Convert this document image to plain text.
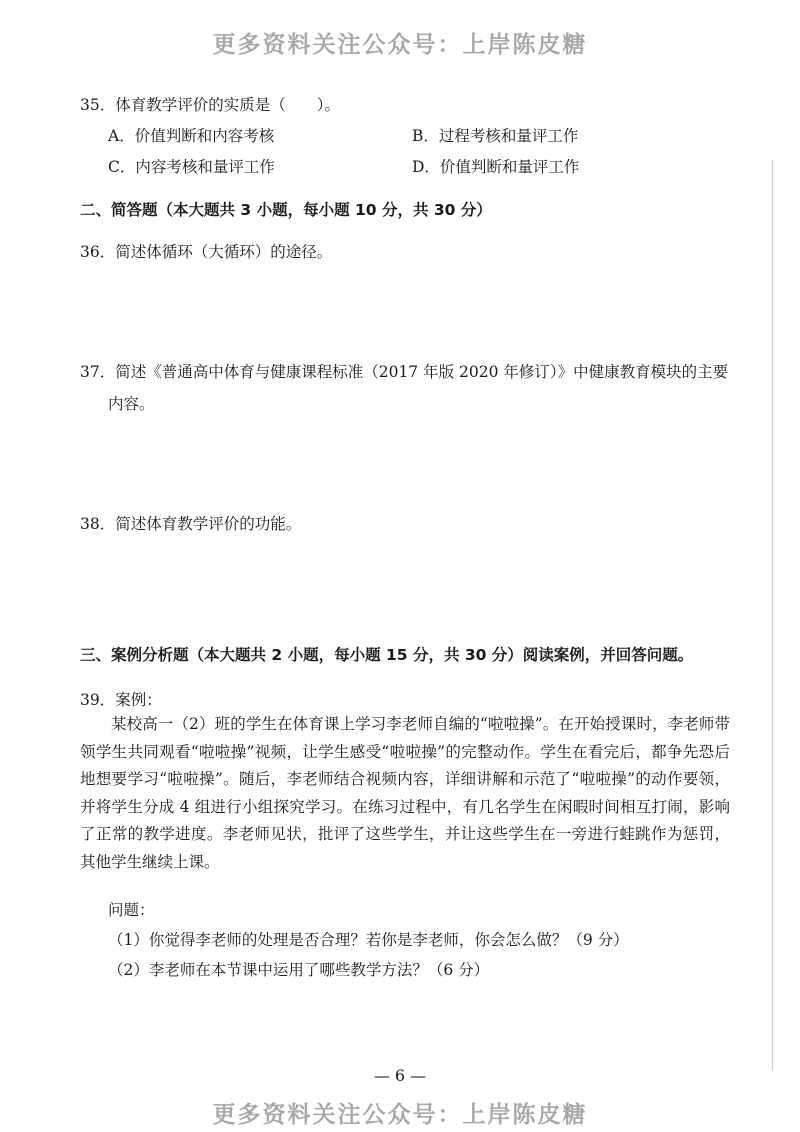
更多资料关注公众号：上岸陈皮糖
35．体育教学评价的实质是（　　）。
A．价值判断和内容考核	B．过程考核和量评工作
C．内容考核和量评工作	D．价值判断和量评工作
二、简答题（本大题共 3 小题，每小题 10 分，共 30 分）
36．简述体循环（大循环）的途径。
37．简述《普通高中体育与健康课程标准（2017 年版 2020 年修订）》中健康教育模块的主要
内容。
38．简述体育教学评价的功能。
三、案例分析题（本大题共 2 小题，每小题 15 分，共 30 分）阅读案例，并回答问题。
39．案例：
某校高一（2）班的学生在体育课上学习李老师自编的“啦啦操”。在开始授课时，李老师带领学生共同观看“啦啦操”视频，让学生感受“啦啦操”的完整动作。学生在看完后，都争先恐后地想要学习“啦啦操”。随后，李老师结合视频内容，详细讲解和示范了“啦啦操”的动作要领，并将学生分成 4 组进行小组探究学习。在练习过程中，有几名学生在闲暇时间相互打闹，影响了正常的教学进度。李老师见状，批评了这些学生，并让这些学生在一旁进行蛙跳作为惩罚，其他学生继续上课。
问题：
（1）你觉得李老师的处理是否合理？若你是李老师，你会怎么做？（9 分）
（2）李老师在本节课中运用了哪些教学方法？（6 分）
— 6 —
更多资料关注公众号：上岸陈皮糖
